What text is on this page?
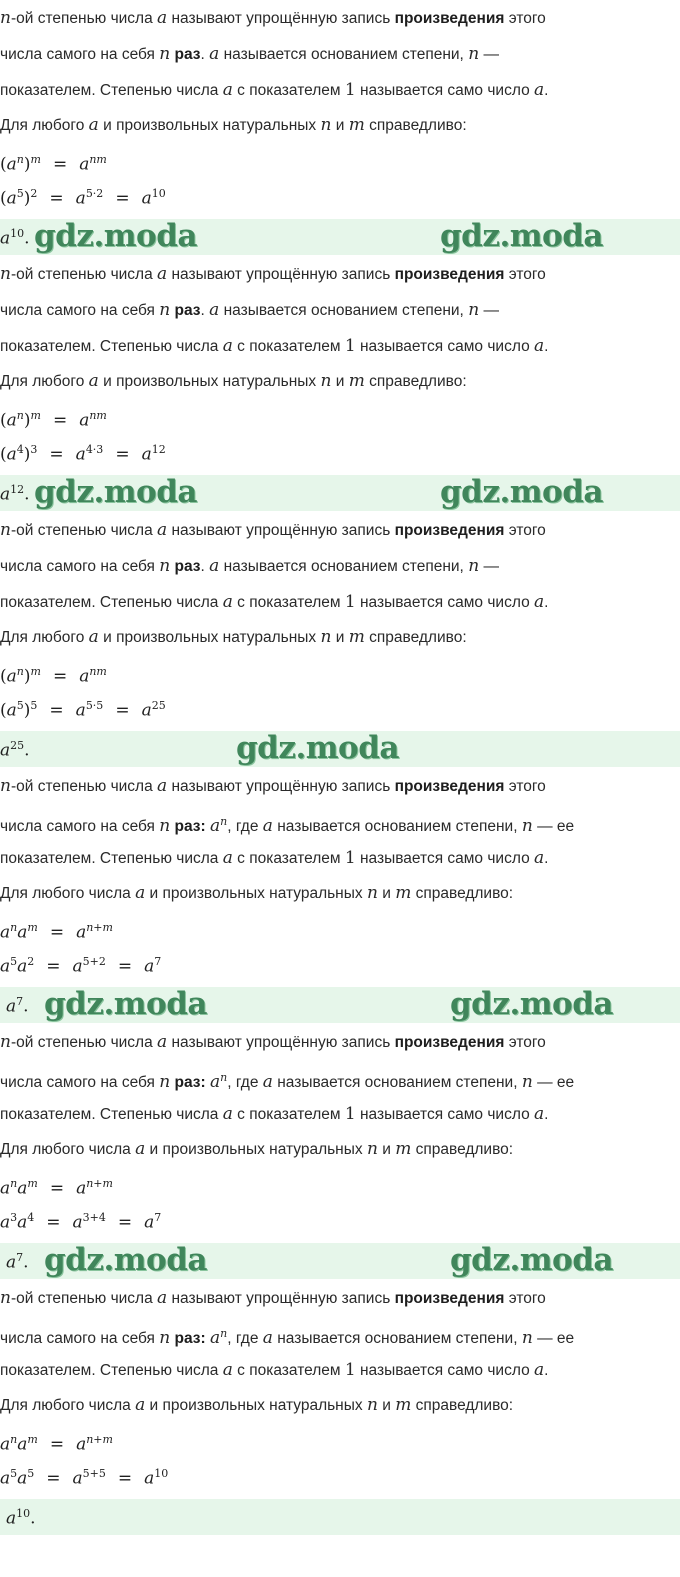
n-ой степенью числа a называют упрощённую запись произведения этого
числа самого на себя n раз. a называется основанием степени, n —
показателем. Степенью числа a с показателем 1 называется само число a.
Для любого a и произвольных натуральных n и m справедливо:
$(a^n)^m = a^{nm}$
$(a^5)^2 = a^{5\cdot 2} = a^{10}$
$a^{10}$. gdz.moda	gdz.moda
n-ой степенью числа a называют упрощённую запись произведения этого
числа самого на себя n раз. a называется основанием степени, n —
показателем. Степенью числа a с показателем 1 называется само число a.
Для любого a и произвольных натуральных n и m справедливо:
$(a^n)^m = a^{nm}$
$(a^4)^3 = a^{4\cdot 3} = a^{12}$
$a^{12}$. gdz.moda	gdz.moda
n-ой степенью числа a называют упрощённую запись произведения этого
числа самого на себя n раз. a называется основанием степени, n —
показателем. Степенью числа a с показателем 1 называется само число a.
Для любого a и произвольных натуральных n и m справедливо:
$(a^n)^m = a^{nm}$
$(a^5)^5 = a^{5\cdot 5} = a^{25}$
$a^{25}$.	gdz.moda
n-ой степенью числа a называют упрощённую запись произведения этого
числа самого на себя n раз: $a^n$, где a называется основанием степени, n — ее
показателем. Степенью числа a с показателем 1 называется само число a.
Для любого числа a и произвольных натуральных n и m справедливо:
$a^na^m = a^{n+m}$
$a^5a^2 = a^{5+2} = a^7$
$a^7$. gdz.moda	gdz.moda
n-ой степенью числа a называют упрощённую запись произведения этого
числа самого на себя n раз: $a^n$, где a называется основанием степени, n — ее
показателем. Степенью числа a с показателем 1 называется само число a.
Для любого числа a и произвольных натуральных n и m справедливо:
$a^na^m = a^{n+m}$
$a^3a^4 = a^{3+4} = a^7$
$a^7$. gdz.moda	gdz.moda
n-ой степенью числа a называют упрощённую запись произведения этого
числа самого на себя n раз: $a^n$, где a называется основанием степени, n — ее
показателем. Степенью числа a с показателем 1 называется само число a.
Для любого числа a и произвольных натуральных n и m справедливо:
$a^na^m = a^{n+m}$
$a^5a^5 = a^{5+5} = a^{10}$
$a^{10}$.
